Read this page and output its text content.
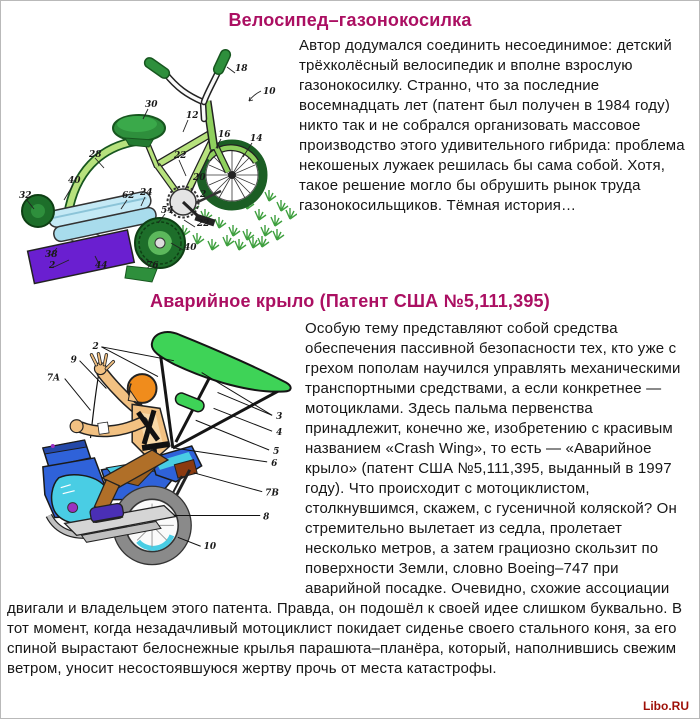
Велосипед–газонокосилка
10
18
30
12
16 14
28	22
20
2
40
32	62 24
54
22
40
76
44
38
2

Автор додумался соединить несоединимое: детский трёхколёсный велосипедик и вполне взрослую газонокосилку. Странно, что за последние восемнадцать лет (патент был получен в 1984 году) никто так и не собрался организовать массовое производство этого удивительного гибрида: проблема некошеных лужаек решилась бы сама собой. Хотя, такое решение могло бы обрушить рынок труда газонокосильщиков. Тёмная история…

Аварийное крыло (Патент США №5,111,395)
2
9
7A
3
4
5
6
7B
8
10

Особую тему представляют собой средства обеспечения пассивной безопасности тех, кто уже с грехом пополам научился управлять механическими транспортными средствами, а если конкретнее — мотоциклами. Здесь пальма первенства принадлежит, конечно же, изобретению с красивым названием «Crash Wing», то есть — «Аварийное крыло» (патент США №5,111,395, выданный в 1997 году). Что происходит с мотоциклистом, столкнувшимся, скажем, с гусеничной коляской? Он стремительно вылетает из седла, пролетает несколько метров, а затем грациозно скользит по поверхности Земли, словно Boeing–747 при аварийной посадке. Очевидно, схожие ассоциации двигали и владельцем этого патента. Правда, он подошёл к своей идее слишком буквально. В тот момент, когда незадачливый мотоциклист покидает сиденье своего стального коня, за его спиной вырастают белоснежные крылья парашюта–планёра, который, наполнившись свежим ветром, уносит несостоявшуюся жертву прочь от места катастрофы.

Libo.RU
